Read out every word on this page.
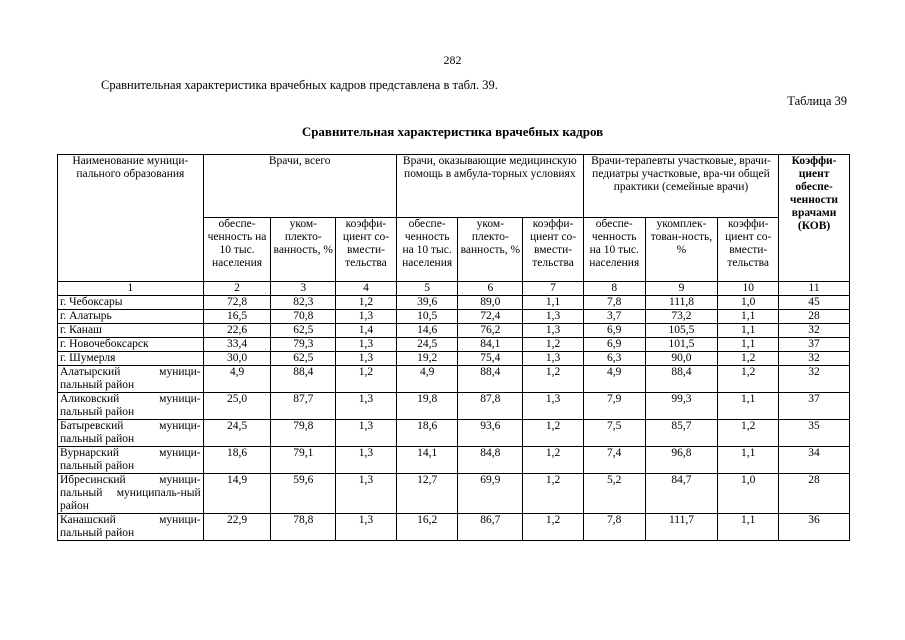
282
Сравнительная характеристика врачебных кадров представлена в табл. 39.
Таблица 39
Сравнительная характеристика врачебных кадров
Наименование муници-пального образования	Врачи, всего			Врачи, оказывающие медицинскую помощь в амбула-торных условиях			Врачи-терапевты участковые, врачи-педиатры участковые, вра-чи общей практики (семейные врачи)			Коэффи-циент обеспе-ченности врачами (КОВ)
	обеспе-ченность на 10 тыс. населения	уком-плекто-ванность, %	коэффи-циент со-вмести-тельства	обеспе-ченность на 10 тыс. населения	уком-плекто-ванность, %	коэффи-циент со-вмести-тельства	обеспе-ченность на 10 тыс. населения	укомплек-тован-ность, %	коэффи-циент со-вмести-тельства	
1	2	3	4	5	6	7	8	9	10	11
г. Чебоксары	72,8	82,3	1,2	39,6	89,0	1,1	7,8	111,8	1,0	45
г. Алатырь	16,5	70,8	1,3	10,5	72,4	1,3	3,7	73,2	1,1	28
г. Канаш	22,6	62,5	1,4	14,6	76,2	1,3	6,9	105,5	1,1	32
г. Новочебоксарск	33,4	79,3	1,3	24,5	84,1	1,2	6,9	101,5	1,1	37
г. Шумерля	30,0	62,5	1,3	19,2	75,4	1,3	6,3	90,0	1,2	32
Алатырский муници-пальный район	4,9	88,4	1,2	4,9	88,4	1,2	4,9	88,4	1,2	32
Аликовский муници-пальный район	25,0	87,7	1,3	19,8	87,8	1,3	7,9	99,3	1,1	37
Батыревский муници-пальный район	24,5	79,8	1,3	18,6	93,6	1,2	7,5	85,7	1,2	35
Вурнарский муници-пальный район	18,6	79,1	1,3	14,1	84,8	1,2	7,4	96,8	1,1	34
Ибресинский муници-пальный муниципаль-ный район	14,9	59,6	1,3	12,7	69,9	1,2	5,2	84,7	1,0	28
Канашский муници-пальный район	22,9	78,8	1,3	16,2	86,7	1,2	7,8	111,7	1,1	36
